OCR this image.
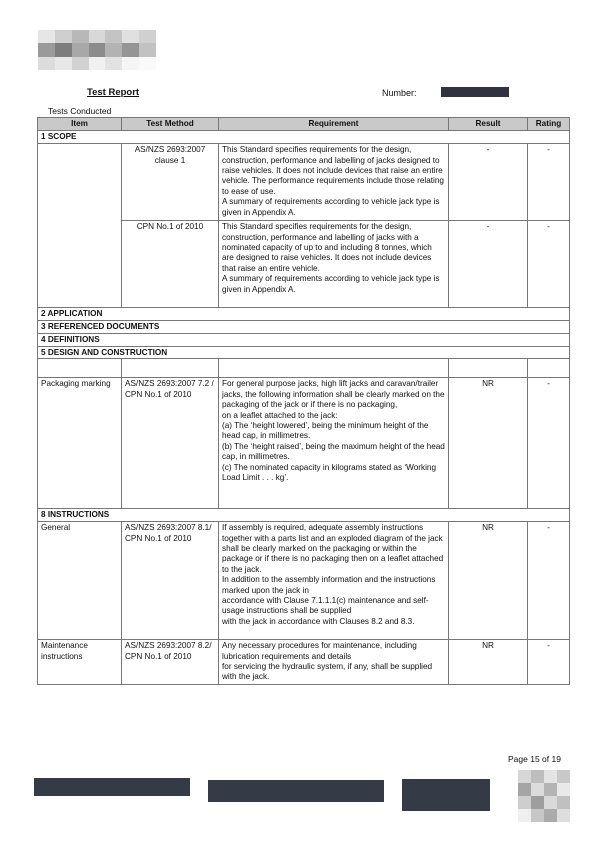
Test Report	Number:
Tests Conducted
Item	Test Method	Requirement	Result	Rating
1 SCOPE				
	AS/NZS 2693:2007 clause 1	This Standard specifies requirements for the design, construction, performance and labelling of jacks designed to raise vehicles. It does not include devices that raise an entire vehicle. The performance requirements include those relating to ease of use.
A summary of requirements according to vehicle jack type is given in Appendix A.	-	-
	CPN No.1 of 2010	This Standard specifies requirements for the design, construction, performance and labelling of jacks with a nominated capacity of up to and including 8 tonnes, which are designed to raise vehicles. It does not include devices that raise an entire vehicle.
A summary of requirements according to vehicle jack type is given in Appendix A.	-	-
2 APPLICATION				
3 REFERENCED DOCUMENTS				
4 DEFINITIONS				
5 DESIGN AND CONSTRUCTION				

Packaging marking	AS/NZS 2693:2007 7.2 / CPN No.1 of 2010	For general purpose jacks, high lift jacks and caravan/trailer jacks, the following information shall be clearly marked on the packaging of the jack or if there is no packaging,
on a leaflet attached to the jack:
(a) The ‘height lowered’, being the minimum height of the head cap, in millimetres.
(b) The ‘height raised’, being the maximum height of the head cap, in millimetres.
(c) The nominated capacity in kilograms stated as ‘Working Load Limit . . . kg’.	NR	-
8 INSTRUCTIONS				
General	AS/NZS 2693:2007 8.1/ CPN No.1 of 2010	If assembly is required, adequate assembly instructions together with a parts list and an exploded diagram of the jack shall be clearly marked on the packaging or within the package or if there is no packaging then on a leaflet attached to the jack.
In addition to the assembly information and the instructions marked upon the jack in
accordance with Clause 7.1.1.1(c) maintenance and self-usage instructions shall be supplied
with the jack in accordance with Clauses 8.2 and 8.3.	NR	-
Maintenance instructions	AS/NZS 2693:2007 8.2/ CPN No.1 of 2010	Any necessary procedures for maintenance, including lubrication requirements and details
for servicing the hydraulic system, if any, shall be supplied with the jack.	NR	-
Page 15 of 19
